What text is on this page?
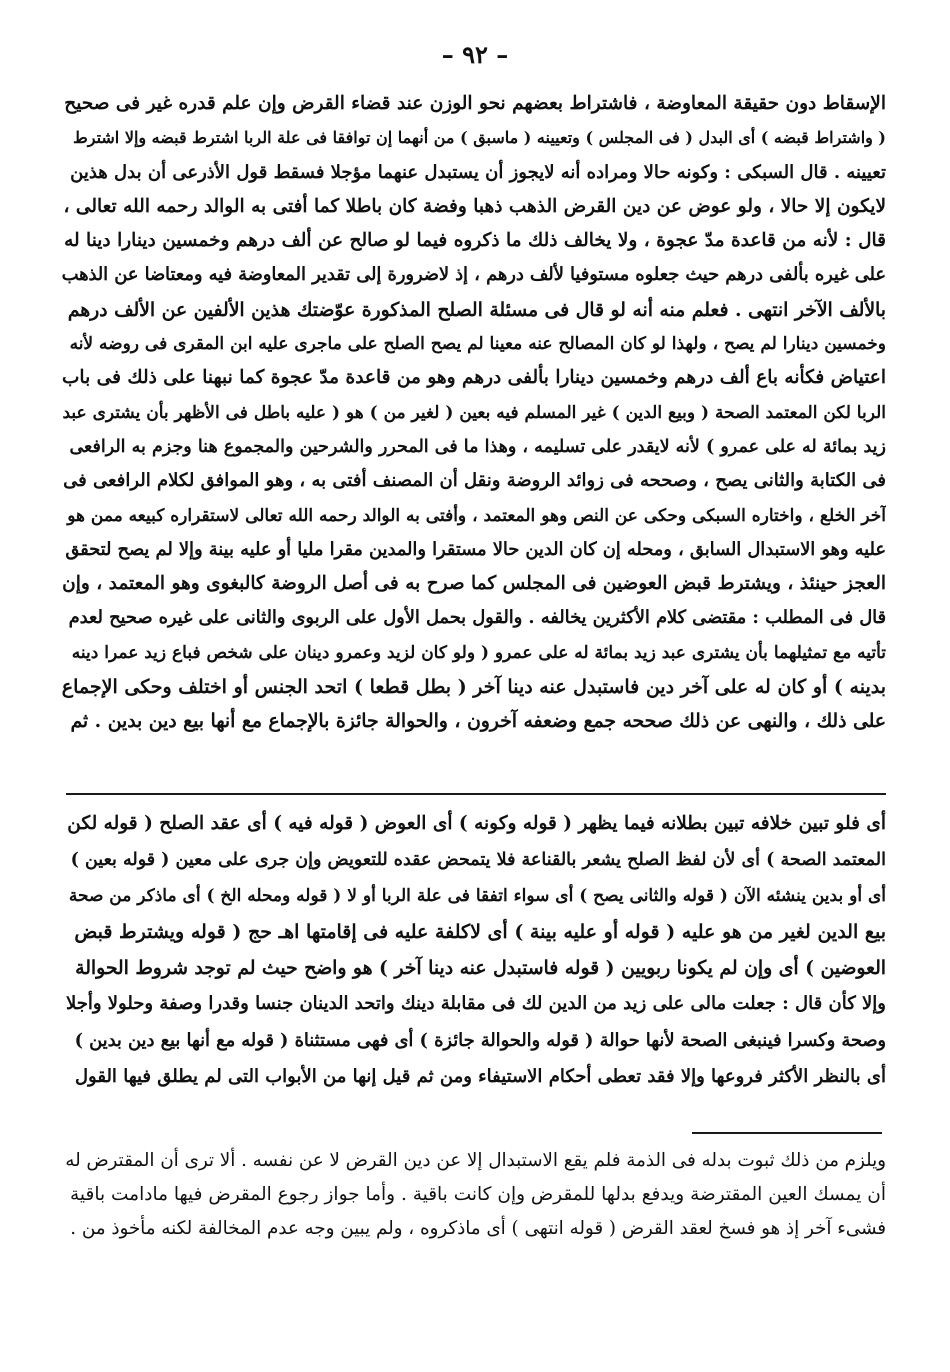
– ٩٢ –
الإسقاط دون حقيقة المعاوضة ، فاشتراط بعضهم نحو الوزن عند قضاء القرض وإن علم قدره غير فى صحيح
( واشتراط قبضه ) أى البدل ( فى المجلس ) وتعيينه ( ماسبق ) من أنهما إن توافقا فى علة الربا اشترط قبضه وإلا اشترط
تعيينه . قال السبكى : وكونه حالا ومراده أنه لايجوز أن يستبدل عنهما مؤجلا فسقط قول الأذرعى أن بدل هذين
لايكون إلا حالا ، ولو عوض عن دين القرض الذهب ذهبا وفضة كان باطلا كما أفتى به الوالد رحمه الله تعالى ،
قال : لأنه من قاعدة مدّ عجوة ، ولا يخالف ذلك ما ذكروه فيما لو صالح عن ألف درهم وخمسين دينارا دينا له
على غيره بألفى درهم حيث جعلوه مستوفيا لألف درهم ، إذ لاضرورة إلى تقدير المعاوضة فيه ومعتاضا عن الذهب
بالألف الآخر انتهى . فعلم منه أنه لو قال فى مسئلة الصلح المذكورة عوّضتك هذين الألفين عن الألف درهم
وخمسين دينارا لم يصح ، ولهذا لو كان المصالح عنه معينا لم يصح الصلح على ماجرى عليه ابن المقرى فى روضه لأنه
اعتياض فكأنه باع ألف درهم وخمسين دينارا بألفى درهم وهو من قاعدة مدّ عجوة كما نبهنا على ذلك فى باب
الربا لكن المعتمد الصحة ( وبيع الدين ) غير المسلم فيه بعين ( لغير من ) هو ( عليه باطل فى الأظهر بأن يشترى عبد
زيد بمائة له على عمرو ) لأنه لايقدر على تسليمه ، وهذا ما فى المحرر والشرحين والمجموع هنا وجزم به الرافعى
فى الكتابة والثانى يصح ، وصححه فى زوائد الروضة ونقل أن المصنف أفتى به ، وهو الموافق لكلام الرافعى فى
آخر الخلع ، واختاره السبكى وحكى عن النص وهو المعتمد ، وأفتى به الوالد رحمه الله تعالى لاستقراره كبيعه ممن هو
عليه وهو الاستبدال السابق ، ومحله إن كان الدين حالا مستقرا والمدين مقرا مليا أو عليه بينة وإلا لم يصح لتحقق
العجز حينئذ ، ويشترط قبض العوضين فى المجلس كما صرح به فى أصل الروضة كالبغوى وهو المعتمد ، وإن
قال فى المطلب : مقتضى كلام الأكثرين يخالفه . والقول بحمل الأول على الربوى والثانى على غيره صحيح لعدم
تأتيه مع تمثيلهما بأن يشترى عبد زيد بمائة له على عمرو ( ولو كان لزيد وعمرو دينان على شخص فباع زيد عمرا دينه
بدينه ) أو كان له على آخر دين فاستبدل عنه دينا آخر ( بطل قطعا ) اتحد الجنس أو اختلف وحكى الإجماع
على ذلك ، والنهى عن ذلك صححه جمع وضعفه آخرون ، والحوالة جائزة بالإجماع مع أنها بيع دين بدين . ثم
أى فلو تبين خلافه تبين بطلانه فيما يظهر ( قوله وكونه ) أى العوض ( قوله فيه ) أى عقد الصلح ( قوله لكن
المعتمد الصحة ) أى لأن لفظ الصلح يشعر بالقناعة فلا يتمحض عقده للتعويض وإن جرى على معين ( قوله بعين )
أى أو بدين ينشئه الآن ( قوله والثانى يصح ) أى سواء اتفقا فى علة الربا أو لا ( قوله ومحله الخ ) أى ماذكر من صحة
بيع الدين لغير من هو عليه ( قوله أو عليه بينة ) أى لاكلفة عليه فى إقامتها اهـ حج ( قوله ويشترط قبض
العوضين ) أى وإن لم يكونا ربويين ( قوله فاستبدل عنه دينا آخر ) هو واضح حيث لم توجد شروط الحوالة
وإلا كأن قال : جعلت مالى على زيد من الدين لك فى مقابلة دينك واتحد الدينان جنسا وقدرا وصفة وحلولا وأجلا
وصحة وكسرا فينبغى الصحة لأنها حوالة ( قوله والحوالة جائزة ) أى فهى مستثناة ( قوله مع أنها بيع دين بدين )
أى بالنظر الأكثر فروعها وإلا فقد تعطى أحكام الاستيفاء ومن ثم قيل إنها من الأبواب التى لم يطلق فيها القول
ويلزم من ذلك ثبوت بدله فى الذمة فلم يقع الاستبدال إلا عن دين القرض لا عن نفسه . ألا ترى أن المقترض له
أن يمسك العين المقترضة ويدفع بدلها للمقرض وإن كانت باقية . وأما جواز رجوع المقرض فيها مادامت باقية
فشىء آخر إذ هو فسخ لعقد القرض ( قوله انتهى ) أى ماذكروه ، ولم يبين وجه عدم المخالفة لكنه مأخوذ من .
